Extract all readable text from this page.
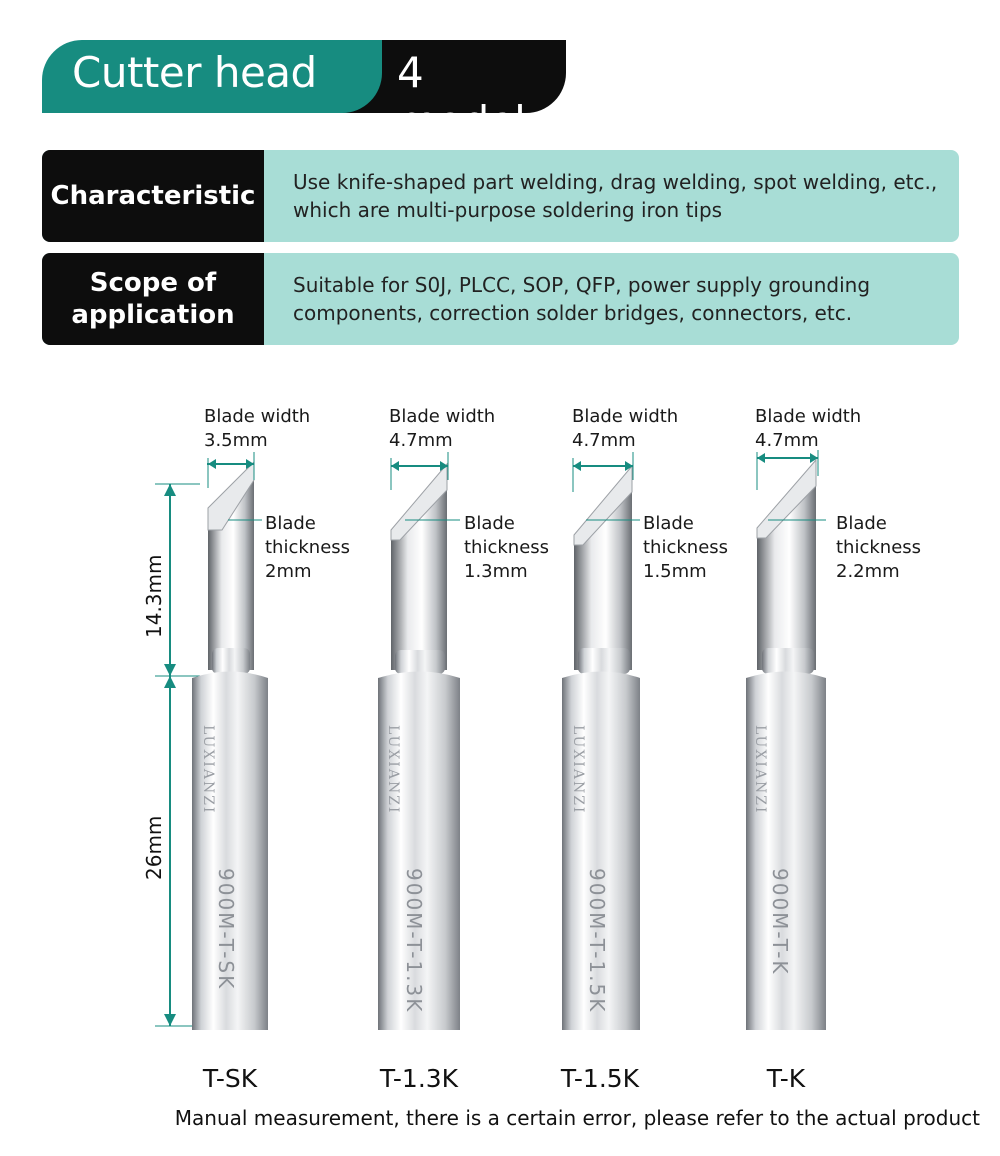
Cutter head 4 models
Characteristic Use knife-shaped part welding, drag welding, spot welding, etc.,
which are multi-purpose soldering iron tips
Scope of
application
Suitable for S0J, PLCC, SOP, QFP, power supply grounding
components, correction solder bridges, connectors, etc.
14.3mm
26mm
Blade width
3.5mm
Blade width
4.7mm
Blade width
4.7mm
Blade width
4.7mm
Blade
thickness
2mm
Blade
thickness
1.3mm
Blade
thickness
1.5mm
Blade
thickness
2.2mm
LUXIANZI
900M-T-SK
LUXIANZI
900M-T-1.3K
LUXIANZI
900M-T-1.5K
LUXIANZI
900M-T-K
T-SK	T-1.3K	T-1.5K	T-K
Manual measurement, there is a certain error, please refer to the actual product
